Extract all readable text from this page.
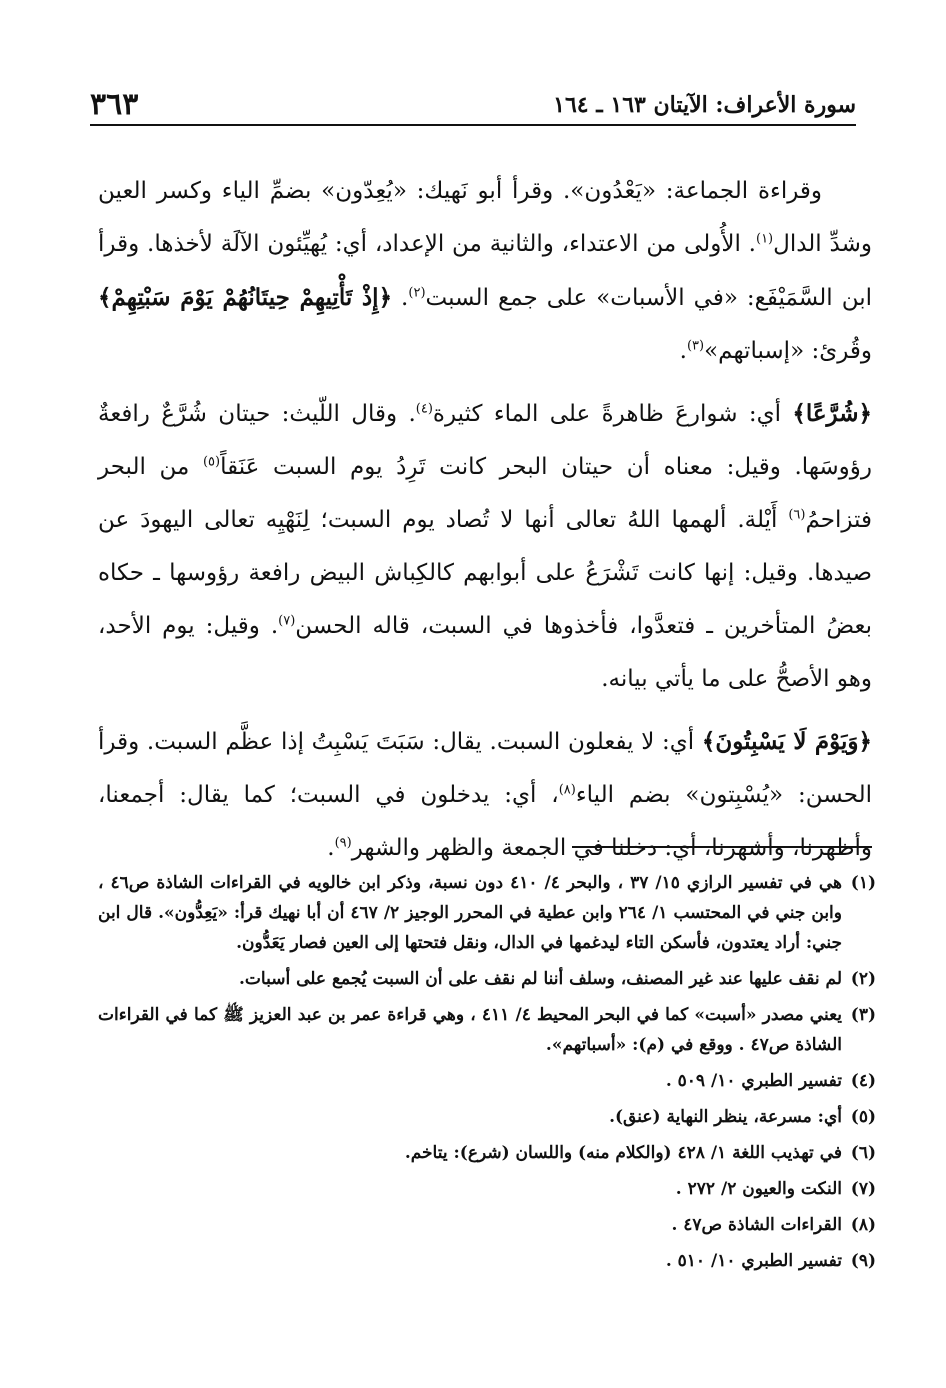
سورة الأعراف: الآيتان ١٦٣ ـ ١٦٤
٣٦٣

وقراءة الجماعة: «يَعْدُون». وقرأ أبو نَهيك: «يُعِدّون» بضمِّ الياء وكسر العين وشدِّ الدال$^{(١)}$. الأُولى من الاعتداء، والثانية من الإعداد، أي: يُهيِّئون الآلَة لأخذها. وقرأ ابن السَّمَيْفَع: «في الأسبات» على جمع السبت$^{(٢)}$. ﴿إِذْ تَأْتِيهِمْ حِيتَانُهُمْ يَوْمَ سَبْتِهِمْ﴾ وقُرئ: «إسباتهم»$^{(٣)}$.

﴿شُرَّعًا﴾ أي: شوارعَ ظاهرةً على الماء كثيرة$^{(٤)}$. وقال اللّيث: حيتان شُرَّعٌ رافعةٌ رؤوسَها. وقيل: معناه أن حيتان البحر كانت تَرِدُ يوم السبت عَنَقاً$^{(٥)}$ من البحر فتزاحمُ$^{(٦)}$ أَيْلة. ألهمها اللهُ تعالى أنها لا تُصاد يوم السبت؛ لِنَهْيِه تعالى اليهودَ عن صيدها. وقيل: إنها كانت تَشْرَعُ على أبوابهم كالكِباش البيض رافعة رؤوسها ـ حكاه بعضُ المتأخرين ـ فتعدَّوا، فأخذوها في السبت، قاله الحسن$^{(٧)}$. وقيل: يوم الأحد، وهو الأصحُّ على ما يأتي بيانه.

﴿وَيَوْمَ لَا يَسْبِتُونَ﴾ أي: لا يفعلون السبت. يقال: سَبَتَ يَسْبِتُ إذا عظَّم السبت. وقرأ الحسن: «يُسْبِتون» بضم الياء$^{(٨)}$، أي: يدخلون في السبت؛ كما يقال: أجمعنا، وأظهرنا، وأشهرنا، أي: دخلنا في الجمعة والظهر والشهر$^{(٩)}$.

(١)
هي في تفسير الرازي ١٥/ ٣٧ ، والبحر ٤/ ٤١٠ دون نسبة، وذكر ابن خالويه في القراءات الشاذة ص٤٦ ، وابن جني في المحتسب ١/ ٢٦٤ وابن عطية في المحرر الوجيز ٢/ ٤٦٧ أن أبا نهيك قرأ: «يَعِدُّون». قال ابن جني: أراد يعتدون، فأسكن التاء ليدغمها في الدال، ونقل فتحتها إلى العين فصار يَعَدُّون.
(٢)
لم نقف عليها عند غير المصنف، وسلف أننا لم نقف على أن السبت يُجمع على أسبات.
(٣)
يعني مصدر «أسبت» كما في البحر المحيط ٤/ ٤١١ ، وهي قراءة عمر بن عبد العزيز ﷺ كما في القراءات الشاذة ص٤٧ . ووقع في (م): «أسباتهم».
(٤)
تفسير الطبري ١٠/ ٥٠٩ .
(٥)
أي: مسرعة، ينظر النهاية (عنق).
(٦)
في تهذيب اللغة ١/ ٤٢٨ (والكلام منه) واللسان (شرع): يتاخم.
(٧)
النكت والعيون ٢/ ٢٧٢ .
(٨)
القراءات الشاذة ص٤٧ .
(٩)
تفسير الطبري ١٠/ ٥١٠ .
